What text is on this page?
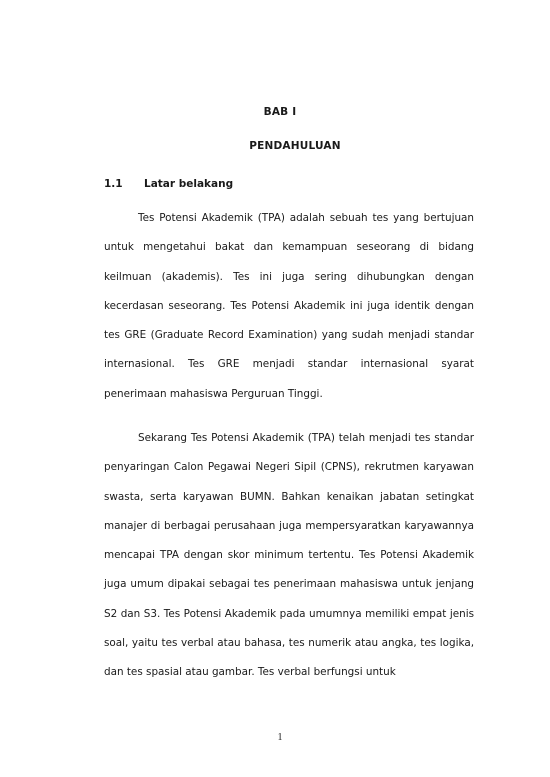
BAB I
PENDAHULUAN
1.1 Latar belakang

Tes Potensi Akademik (TPA) adalah sebuah tes yang bertujuan untuk mengetahui bakat dan kemampuan seseorang di bidang keilmuan (akademis). Tes ini juga sering dihubungkan dengan kecerdasan seseorang. Tes Potensi Akademik ini juga identik dengan tes GRE (Graduate Record Examination) yang sudah menjadi standar internasional. Tes GRE menjadi standar internasional syarat penerimaan mahasiswa Perguruan Tinggi.

Sekarang Tes Potensi Akademik (TPA) telah menjadi tes standar penyaringan Calon Pegawai Negeri Sipil (CPNS), rekrutmen karyawan swasta, serta karyawan BUMN. Bahkan kenaikan jabatan setingkat manajer di berbagai perusahaan juga mempersyaratkan karyawannya mencapai TPA dengan skor minimum tertentu. Tes Potensi Akademik juga umum dipakai sebagai tes penerimaan mahasiswa untuk jenjang S2 dan S3. Tes Potensi Akademik pada umumnya memiliki empat jenis soal, yaitu tes verbal atau bahasa, tes numerik atau angka, tes logika, dan tes spasial atau gambar. Tes verbal berfungsi untuk

1
